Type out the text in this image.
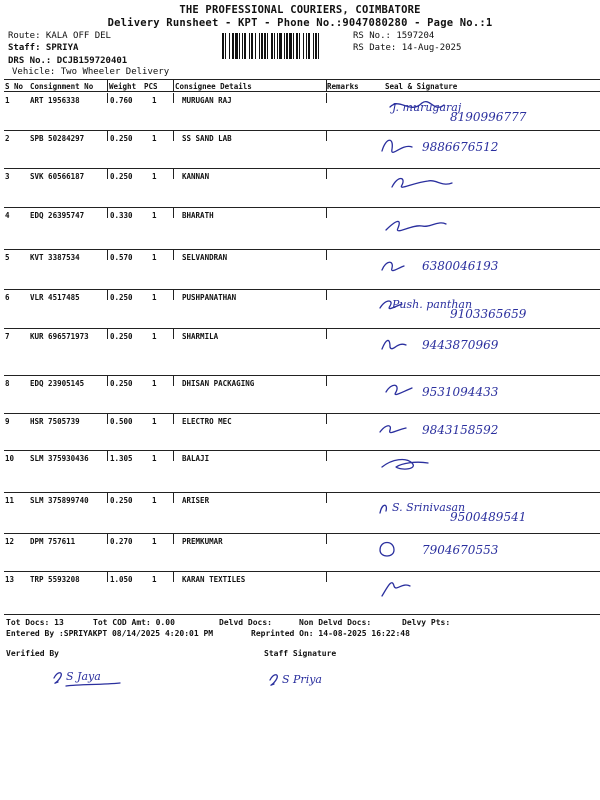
THE PROFESSIONAL COURIERS, COIMBATORE
Delivery Runsheet - KPT - Phone No.:9047080280 - Page No.:1
Route: KALA OFF DEL
Staff: SPRIYA
DRS No.: DCJB159720401
Vehicle: Two Wheeler Delivery
RS No.: 1597204
RS Date: 14-Aug-2025
S No Consignment No Weight PCS Consignee Details	Remarks	Seal & Signature
1	ART 1956338	0.760	1	MURUGAN RAJ
J. murugaraj
8190996777
2	SPB 50284297	0.250	1	SS SAND LAB
9886676512
3	SVK 60566187	0.250	1	KANNAN
4	EDQ 26395747	0.330	1	BHARATH
5	KVT 3387534	0.570	1	SELVANDRAN
6380046193
6	VLR 4517485	0.250	1	PUSHPANATHAN
Push. panthan
9103365659
7	KUR 696571973	0.250	1	SHARMILA
9443870969
8	EDQ 23905145	0.250	1	DHISAN PACKAGING
9531094433
9	HSR 7505739	0.500	1	ELECTRO MEC
9843158592
10 SLM 375930436	1.305	1	BALAJI
11 SLM 375899740	0.250	1	ARISER
S. Srinivasan
9500489541
12 DPM 757611	0.270	1	PREMKUMAR
7904670553
13 TRP 5593208	1.050	1	KARAN TEXTILES
Tot Docs: 13	Tot COD Amt: 0.00	Delvd Docs:	Non Delvd Docs:	Delvy Pts:
Entered By :SPRIYAKPT 08/14/2025 4:20:01 PM	Reprinted On: 14-08-2025 16:22:48
Verified By	Staff Signature
S Jaya	S Priya
